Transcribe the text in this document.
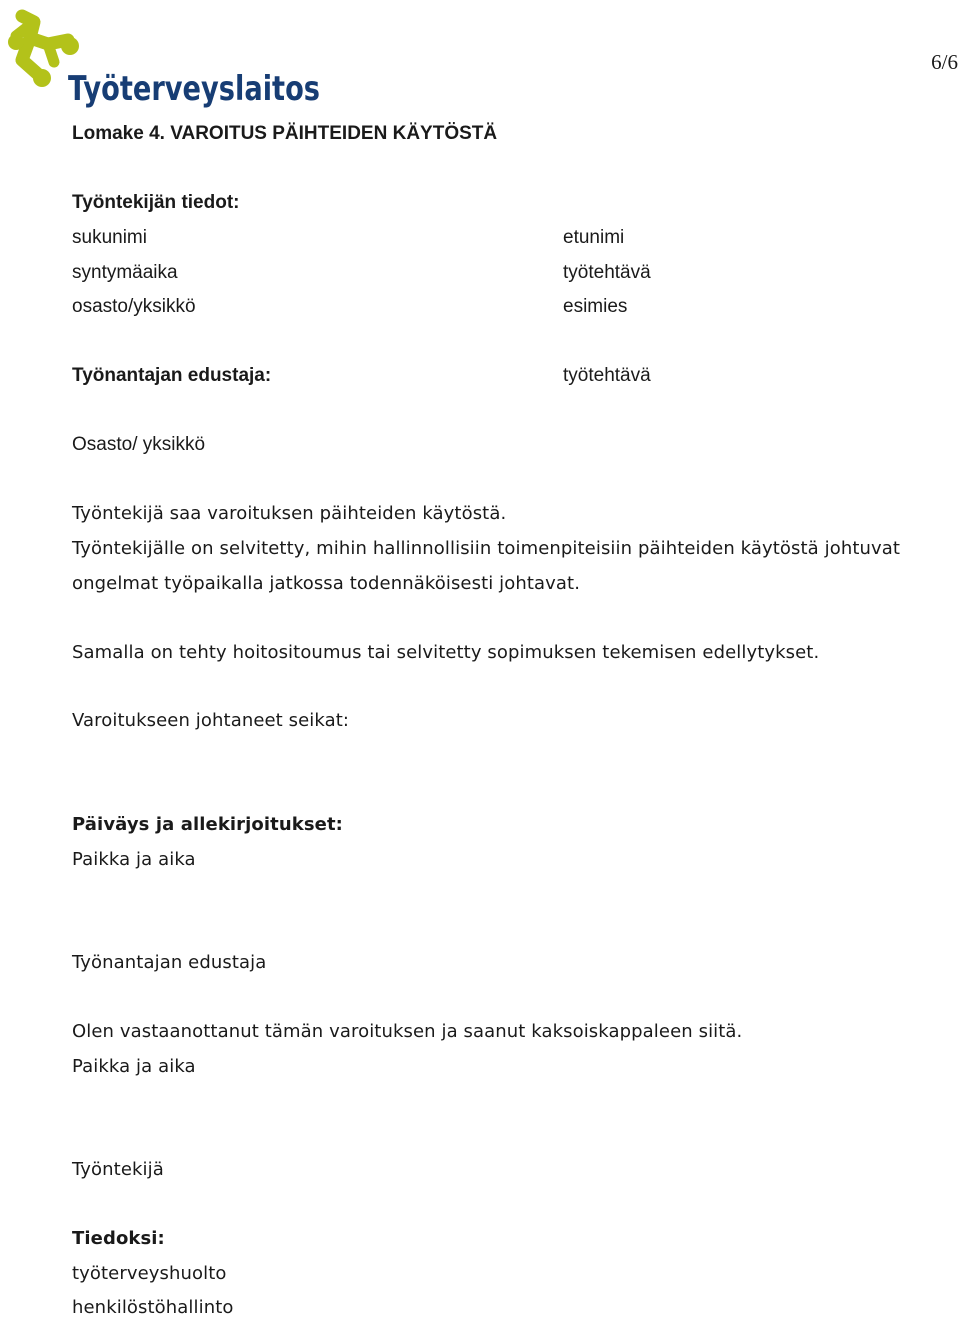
Työterveyslaitos
6/6
Lomake 4. VAROITUS PÄIHTEIDEN KÄYTÖSTÄ
Työntekijän tiedot:
sukunimi
syntymäaika
osasto/yksikkö
etunimi
työtehtävä
esimies
Työnantajan edustaja:	työtehtävä
Osasto/ yksikkö
Työntekijä saa varoituksen päihteiden käytöstä.
Työntekijälle on selvitetty, mihin hallinnollisiin toimenpiteisiin päihteiden käytöstä johtuvat
ongelmat työpaikalla jatkossa todennäköisesti johtavat.
Samalla on tehty hoitositoumus tai selvitetty sopimuksen tekemisen edellytykset.
Varoitukseen johtaneet seikat:
Päiväys ja allekirjoitukset:
Paikka ja aika
Työnantajan edustaja
Olen vastaanottanut tämän varoituksen ja saanut kaksoiskappaleen siitä.
Paikka ja aika
Työntekijä
Tiedoksi:
työterveyshuolto
henkilöstöhallinto
